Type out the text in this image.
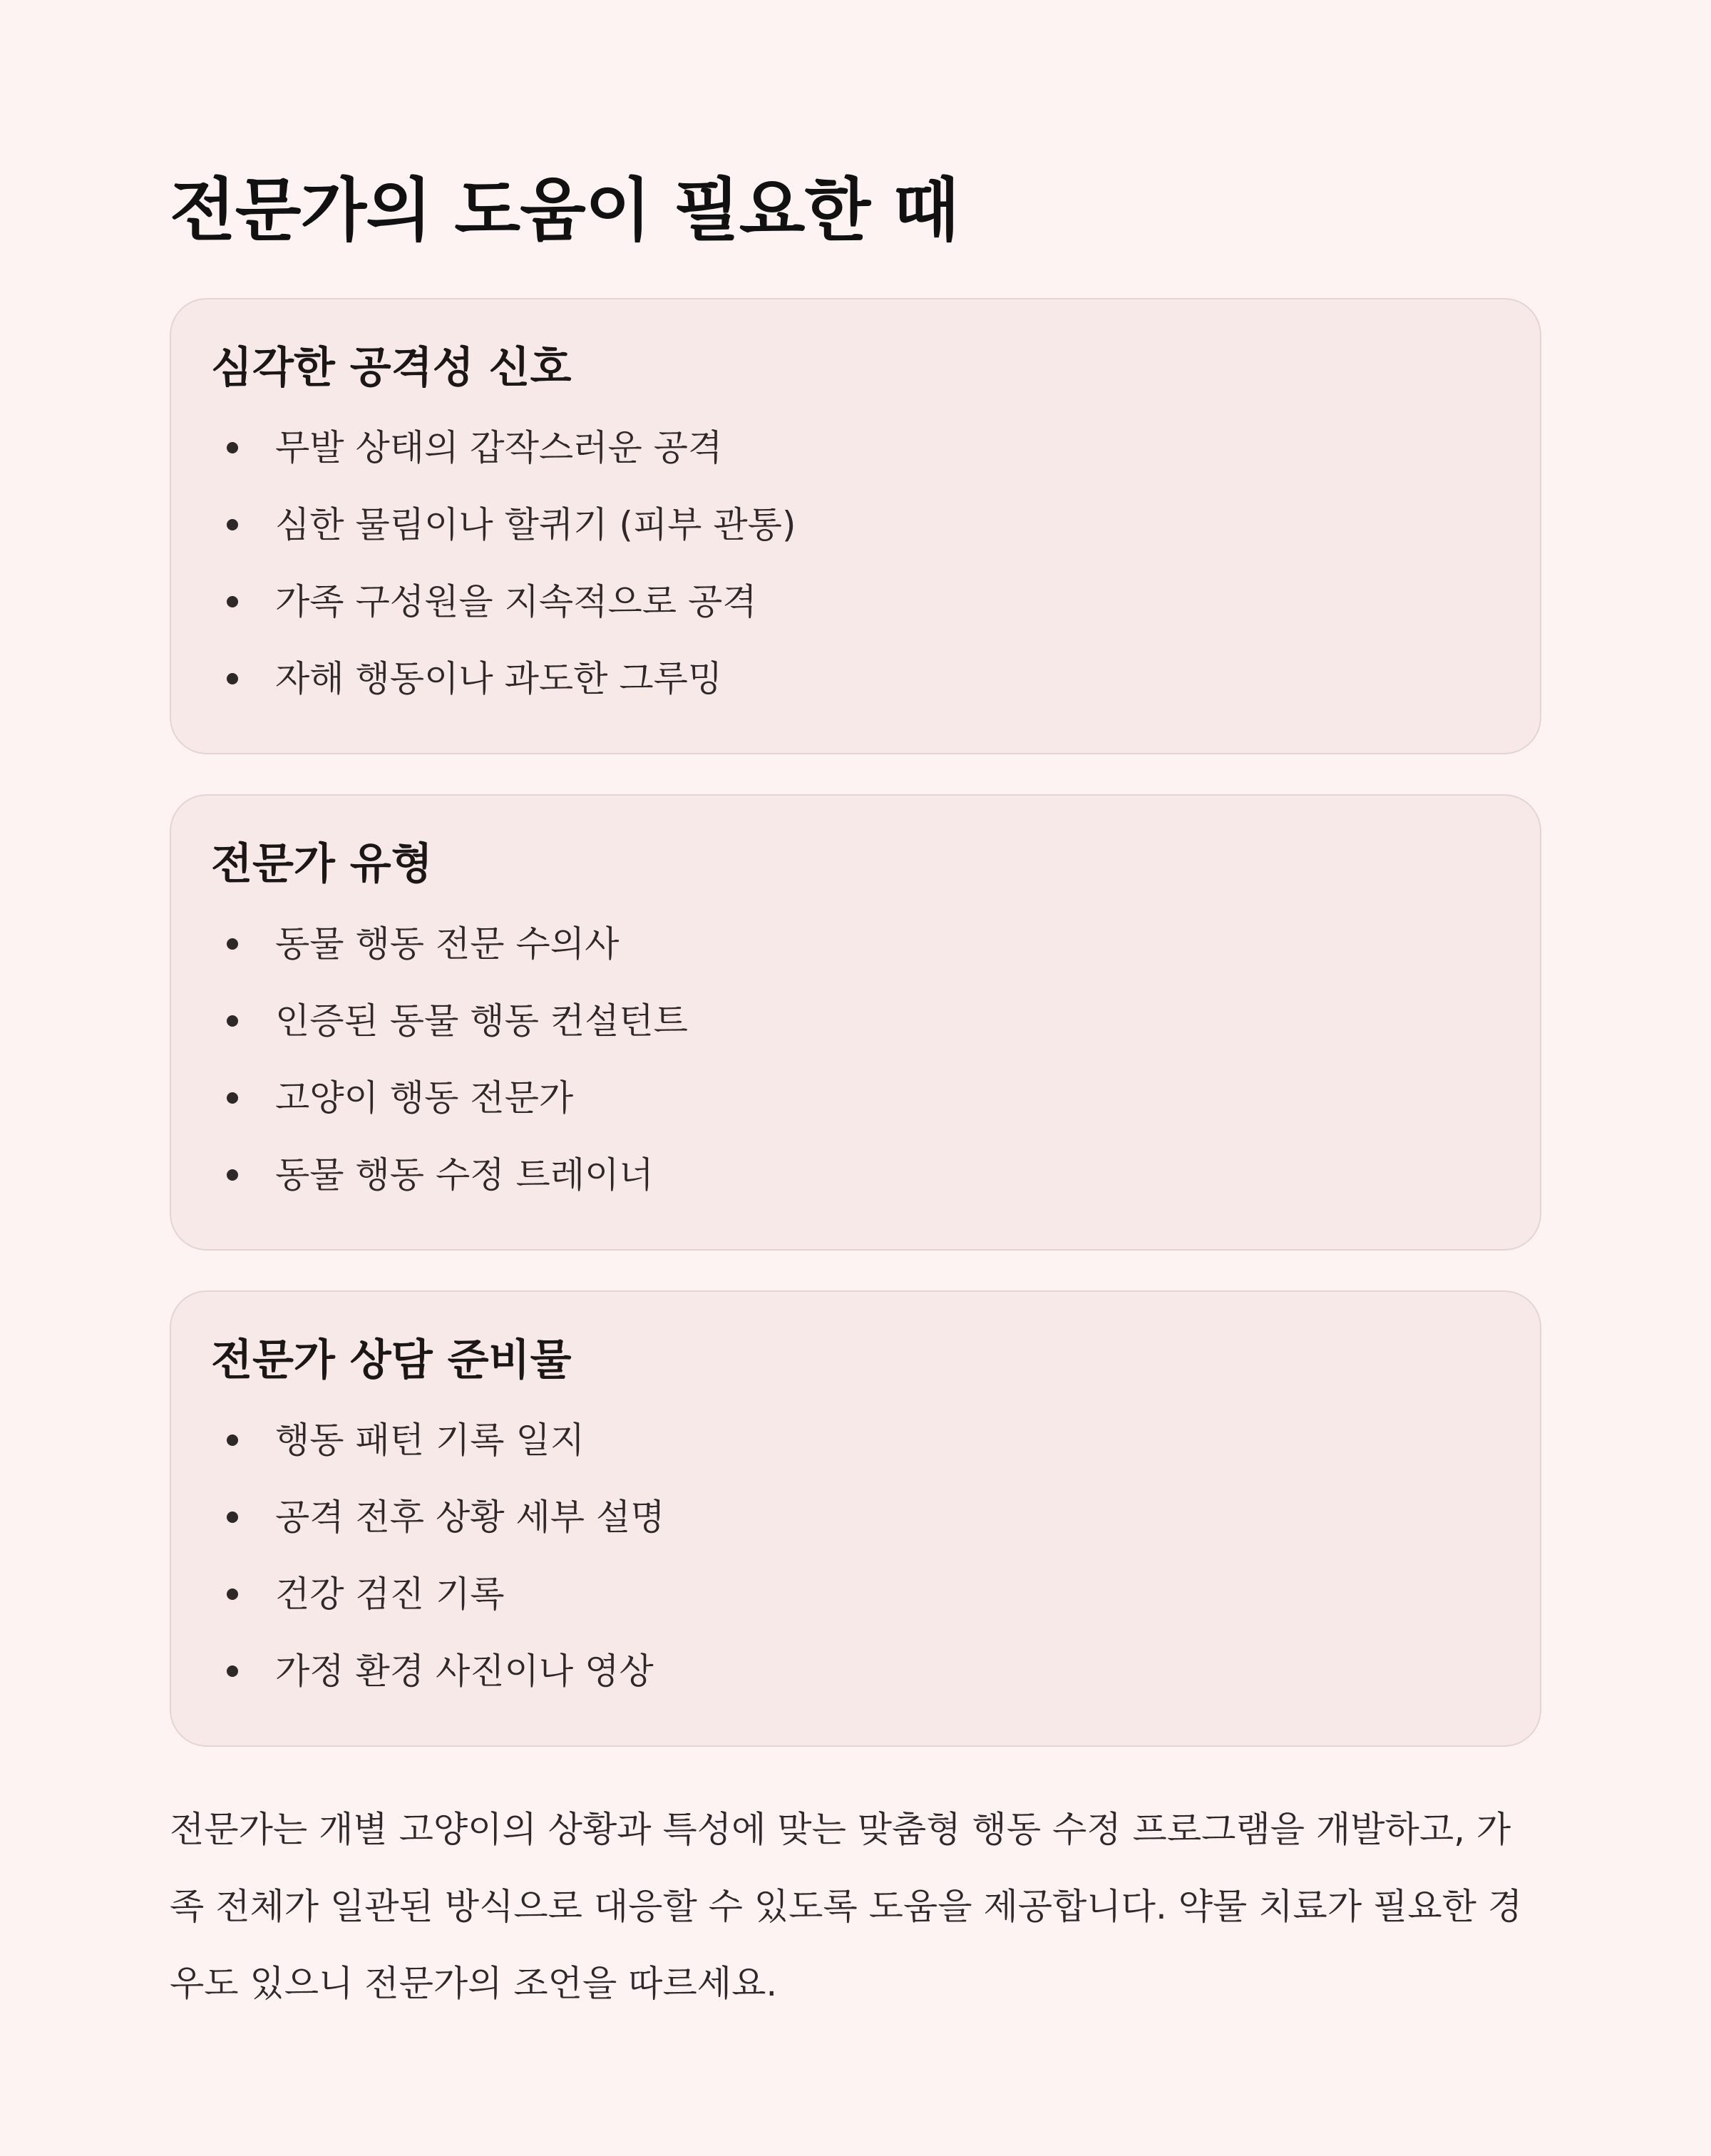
전문가의 도움이 필요한 때
심각한 공격성 신호
무발 상태의 갑작스러운 공격
심한 물림이나 할퀴기 (피부 관통)
가족 구성원을 지속적으로 공격
자해 행동이나 과도한 그루밍
전문가 유형
동물 행동 전문 수의사
인증된 동물 행동 컨설턴트
고양이 행동 전문가
동물 행동 수정 트레이너
전문가 상담 준비물
행동 패턴 기록 일지
공격 전후 상황 세부 설명
건강 검진 기록
가정 환경 사진이나 영상

전문가는 개별 고양이의 상황과 특성에 맞는 맞춤형 행동 수정 프로그램을 개발하고, 가족 전체가 일관된 방식으로 대응할 수 있도록 도움을 제공합니다. 약물 치료가 필요한 경우도 있으니 전문가의 조언을 따르세요.
